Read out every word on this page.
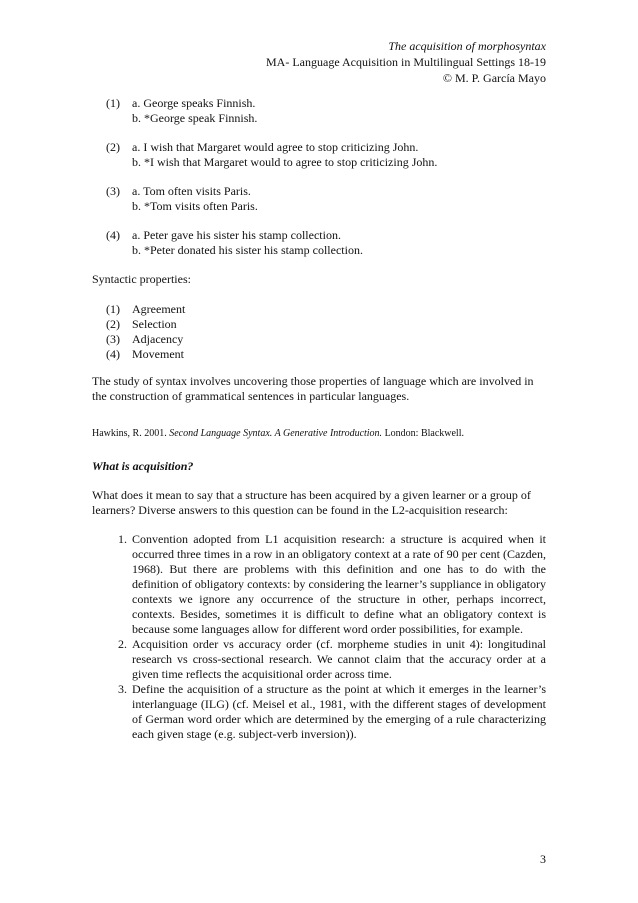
The acquisition of morphosyntax
MA- Language Acquisition in Multilingual Settings 18-19
© M. P. García Mayo
(1)	a. George speaks Finnish.
b. *George speak Finnish.
(2)	a. I wish that Margaret would agree to stop criticizing John.
b. *I wish that Margaret would to agree to stop criticizing John.
(3)	a. Tom often visits Paris.
b. *Tom visits often Paris.
(4)	a. Peter gave his sister his stamp collection.
b. *Peter donated his sister his stamp collection.
Syntactic properties:
(1)	Agreement
(2)	Selection
(3)	Adjacency
(4)	Movement

The study of syntax involves uncovering those properties of language which are involved in the construction of grammatical sentences in particular languages.

Hawkins, R. 2001. Second Language Syntax. A Generative Introduction. London: Blackwell.
What is acquisition?

What does it mean to say that a structure has been acquired by a given learner or a group of learners? Diverse answers to this question can be found in the L2-acquisition research:

1. Convention adopted from L1 acquisition research: a structure is acquired when it occurred three times in a row in an obligatory context at a rate of 90 per cent (Cazden, 1968). But there are problems with this definition and one has to do with the definition of obligatory contexts: by considering the learner’s suppliance in obligatory contexts we ignore any occurrence of the structure in other, perhaps incorrect, contexts. Besides, sometimes it is difficult to define what an obligatory context is because some languages allow for different word order possibilities, for example.
2. Acquisition order vs accuracy order (cf. morpheme studies in unit 4): longitudinal research vs cross-sectional research. We cannot claim that the accuracy order at a given time reflects the acquisitional order across time.
3. Define the acquisition of a structure as the point at which it emerges in the learner’s interlanguage (ILG) (cf. Meisel et al., 1981, with the different stages of development of German word order which are determined by the emerging of a rule characterizing each given stage (e.g. subject-verb inversion)).
3
